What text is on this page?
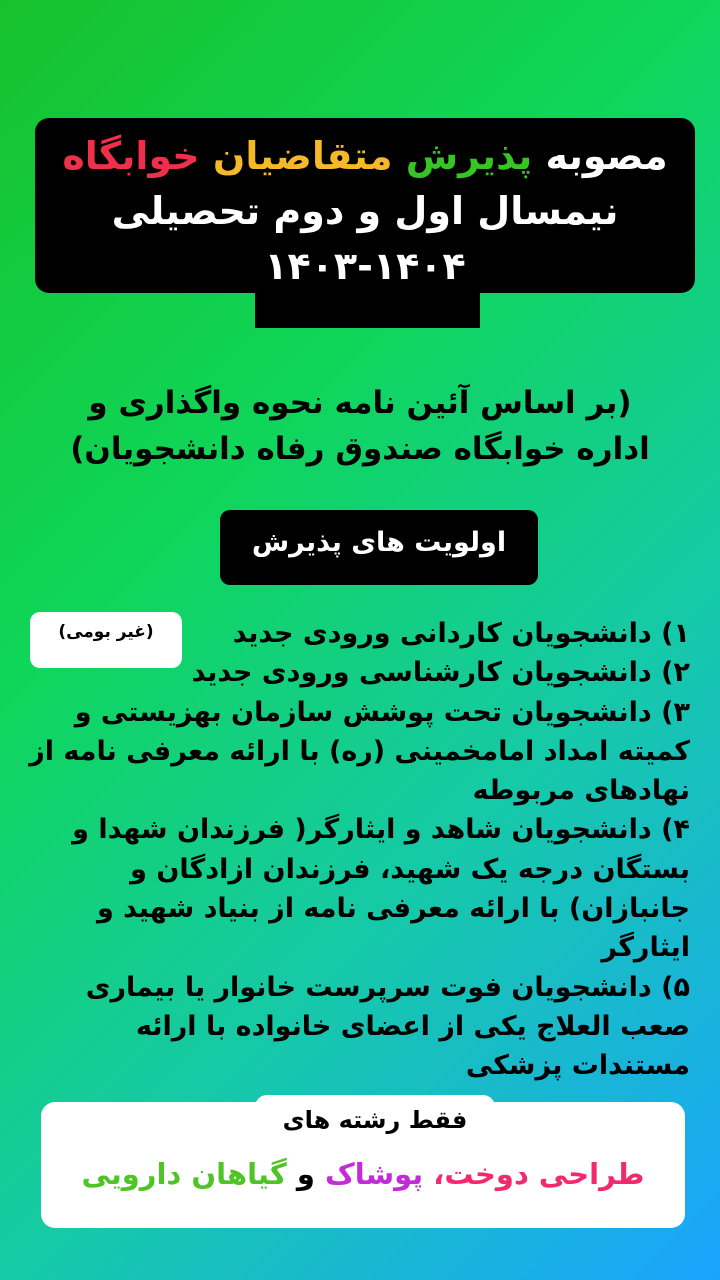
مصوبه پذیرش متقاضیان خوابگاه
نیمسال اول و دوم تحصیلی
۱۴۰۳-۱۴۰۴
(بر اساس آئین نامه نحوه واگذاری و
اداره خوابگاه صندوق رفاه دانشجویان)
اولویت های پذیرش
(غیر بومی)	۱) دانشجویان کاردانی ورودی جدید

۲) دانشجویان کارشناسی ورودی جدید

۳) دانشجویان تحت پوشش سازمان بهزیستی و کمیته امداد امامخمینی (ره) با ارائه معرفی نامه از نهادهای مربوطه

۴) دانشجویان شاهد و ایثارگر( فرزندان شهدا و بستگان درجه یک شهید، فرزندان ازادگان و جانبازان) با ارائه معرفی نامه از بنیاد شهید و ایثارگر

۵) دانشجویان فوت سرپرست خانوار یا بیماری صعب العلاج یکی از اعضای خانواده با ارائه مستندات پزشکی

فقط رشته های
طراحی دوخت، پوشاک و گیاهان دارویی
